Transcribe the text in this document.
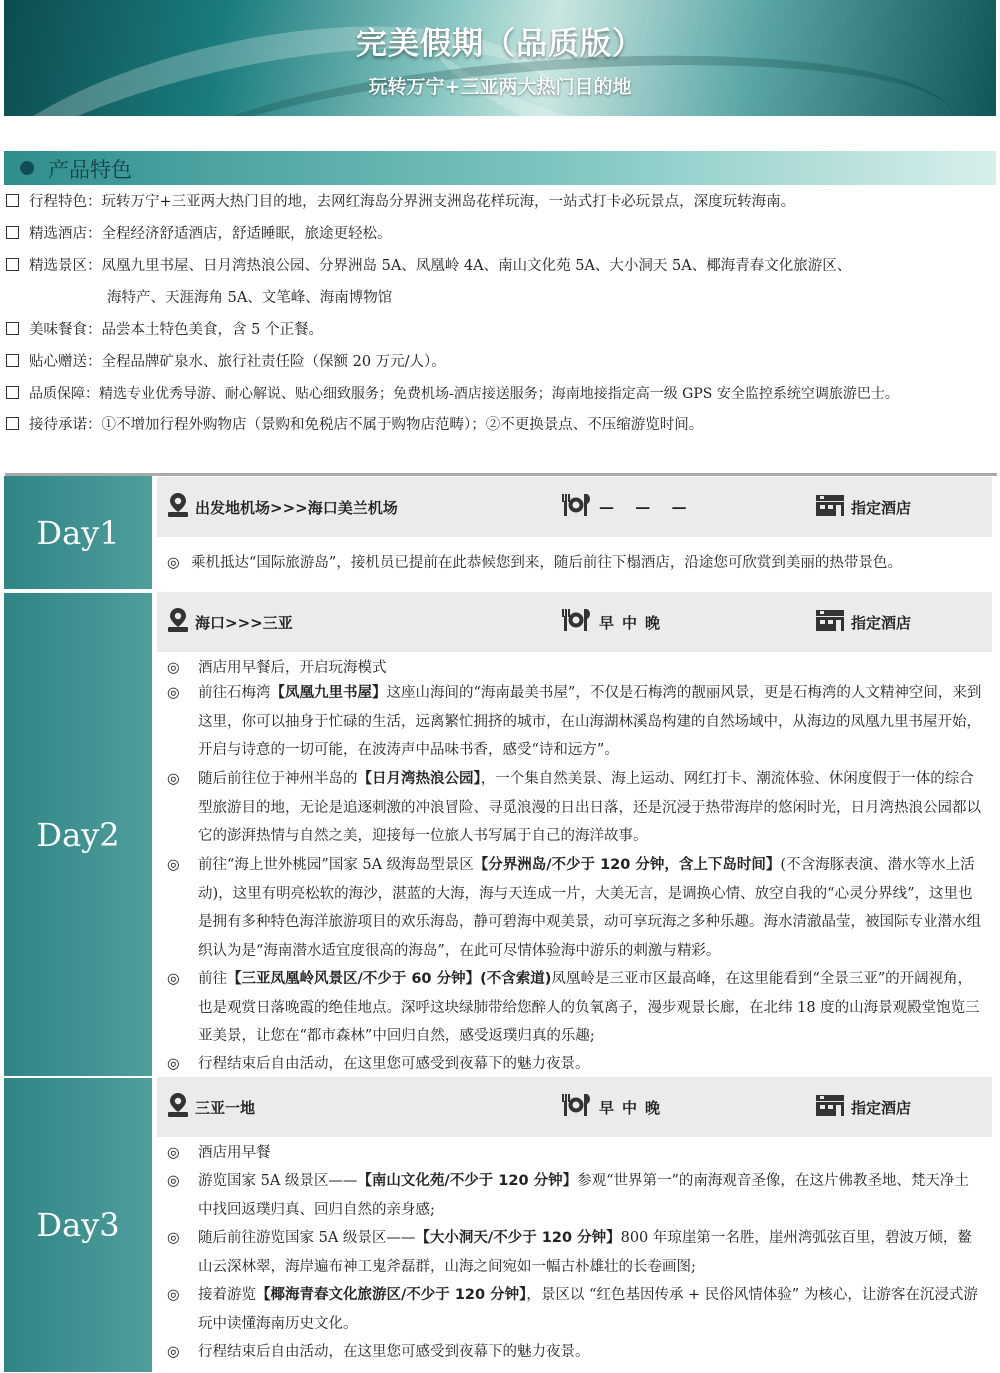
完美假期（品质版）
玩转万宁+三亚两大热门目的地
产品特色
行程特色：玩转万宁+三亚两大热门目的地，去网红海岛分界洲支洲岛花样玩海，一站式打卡必玩景点，深度玩转海南。
精选酒店：全程经济舒适酒店，舒适睡眠，旅途更轻松。
精选景区：凤凰九里书屋、日月湾热浪公园、分界洲岛 5A、凤凰岭 4A、南山文化苑 5A、大小洞天 5A、椰海青春文化旅游区、
海特产、天涯海角 5A、文笔峰、海南博物馆
美味餐食：品尝本土特色美食，含 5 个正餐。
贴心赠送：全程品牌矿泉水、旅行社责任险（保额 20 万元/人）。
品质保障：精选专业优秀导游、耐心解说、贴心细致服务；免费机场-酒店接送服务；海南地接指定高一级 GPS 安全监控系统空调旅游巴士。
接待承诺：①不增加行程外购物店（景购和免税店不属于购物店范畴）；②不更换景点、不压缩游览时间。
Day1
Day2
Day3
出发地机场>>>海口美兰机场	— — —	指定酒店
◎ 乘机抵达“国际旅游岛”，接机员已提前在此恭候您到来，随后前往下榻酒店，沿途您可欣赏到美丽的热带景色。
海口>>>三亚	早中晚	指定酒店
◎ 酒店用早餐后，开启玩海模式
◎ 前往石梅湾【凤凰九里书屋】这座山海间的“海南最美书屋”，不仅是石梅湾的靓丽风景，更是石梅湾的人文精神空间，来到这里，你可以抽身于忙碌的生活，远离繁忙拥挤的城市，在山海湖林溪岛构建的自然场域中，从海边的凤凰九里书屋开始，开启与诗意的一切可能，在波涛声中品味书香，感受“诗和远方”。
◎ 随后前往位于神州半岛的【日月湾热浪公园】，一个集自然美景、海上运动、网红打卡、潮流体验、休闲度假于一体的综合型旅游目的地，无论是追逐刺激的冲浪冒险、寻觅浪漫的日出日落，还是沉浸于热带海岸的悠闲时光，日月湾热浪公园都以它的澎湃热情与自然之美，迎接每一位旅人书写属于自己的海洋故事。
◎ 前往“海上世外桃园”国家 5A 级海岛型景区【分界洲岛/不少于 120 分钟，含上下岛时间】(不含海豚表演、潜水等水上活动)，这里有明亮松软的海沙，湛蓝的大海，海与天连成一片，大美无言，是调换心情、放空自我的“心灵分界线”，这里也是拥有多种特色海洋旅游项目的欢乐海岛，静可碧海中观美景，动可享玩海之多种乐趣。海水清澈晶莹，被国际专业潜水组织认为是“海南潜水适宜度很高的海岛”，在此可尽情体验海中游乐的刺激与精彩。
◎ 前往【三亚凤凰岭风景区/不少于 60 分钟】(不含索道)凤凰岭是三亚市区最高峰，在这里能看到“全景三亚”的开阔视角，也是观赏日落晚霞的绝佳地点。深呼这块绿肺带给您醉人的负氧离子，漫步观景长廊，在北纬 18 度的山海景观殿堂饱览三亚美景，让您在“都市森林”中回归自然，感受返璞归真的乐趣;
◎ 行程结束后自由活动，在这里您可感受到夜幕下的魅力夜景。
三亚一地	早中晚	指定酒店
◎ 酒店用早餐
◎ 游览国家 5A 级景区——【南山文化苑/不少于 120 分钟】参观“世界第一”的南海观音圣像，在这片佛教圣地、梵天净土中找回返璞归真、回归自然的亲身感;
◎ 随后前往游览国家 5A 级景区——【大小洞天/不少于 120 分钟】800 年琼崖第一名胜，崖州湾弧弦百里，碧波万倾，鳌山云深林翠，海岸遍布神工鬼斧磊群，山海之间宛如一幅古朴雄壮的长卷画图;
◎ 接着游览【椰海青春文化旅游区/不少于 120 分钟】，景区以 “红色基因传承 + 民俗风情体验” 为核心，让游客在沉浸式游玩中读懂海南历史文化。
◎ 行程结束后自由活动，在这里您可感受到夜幕下的魅力夜景。
